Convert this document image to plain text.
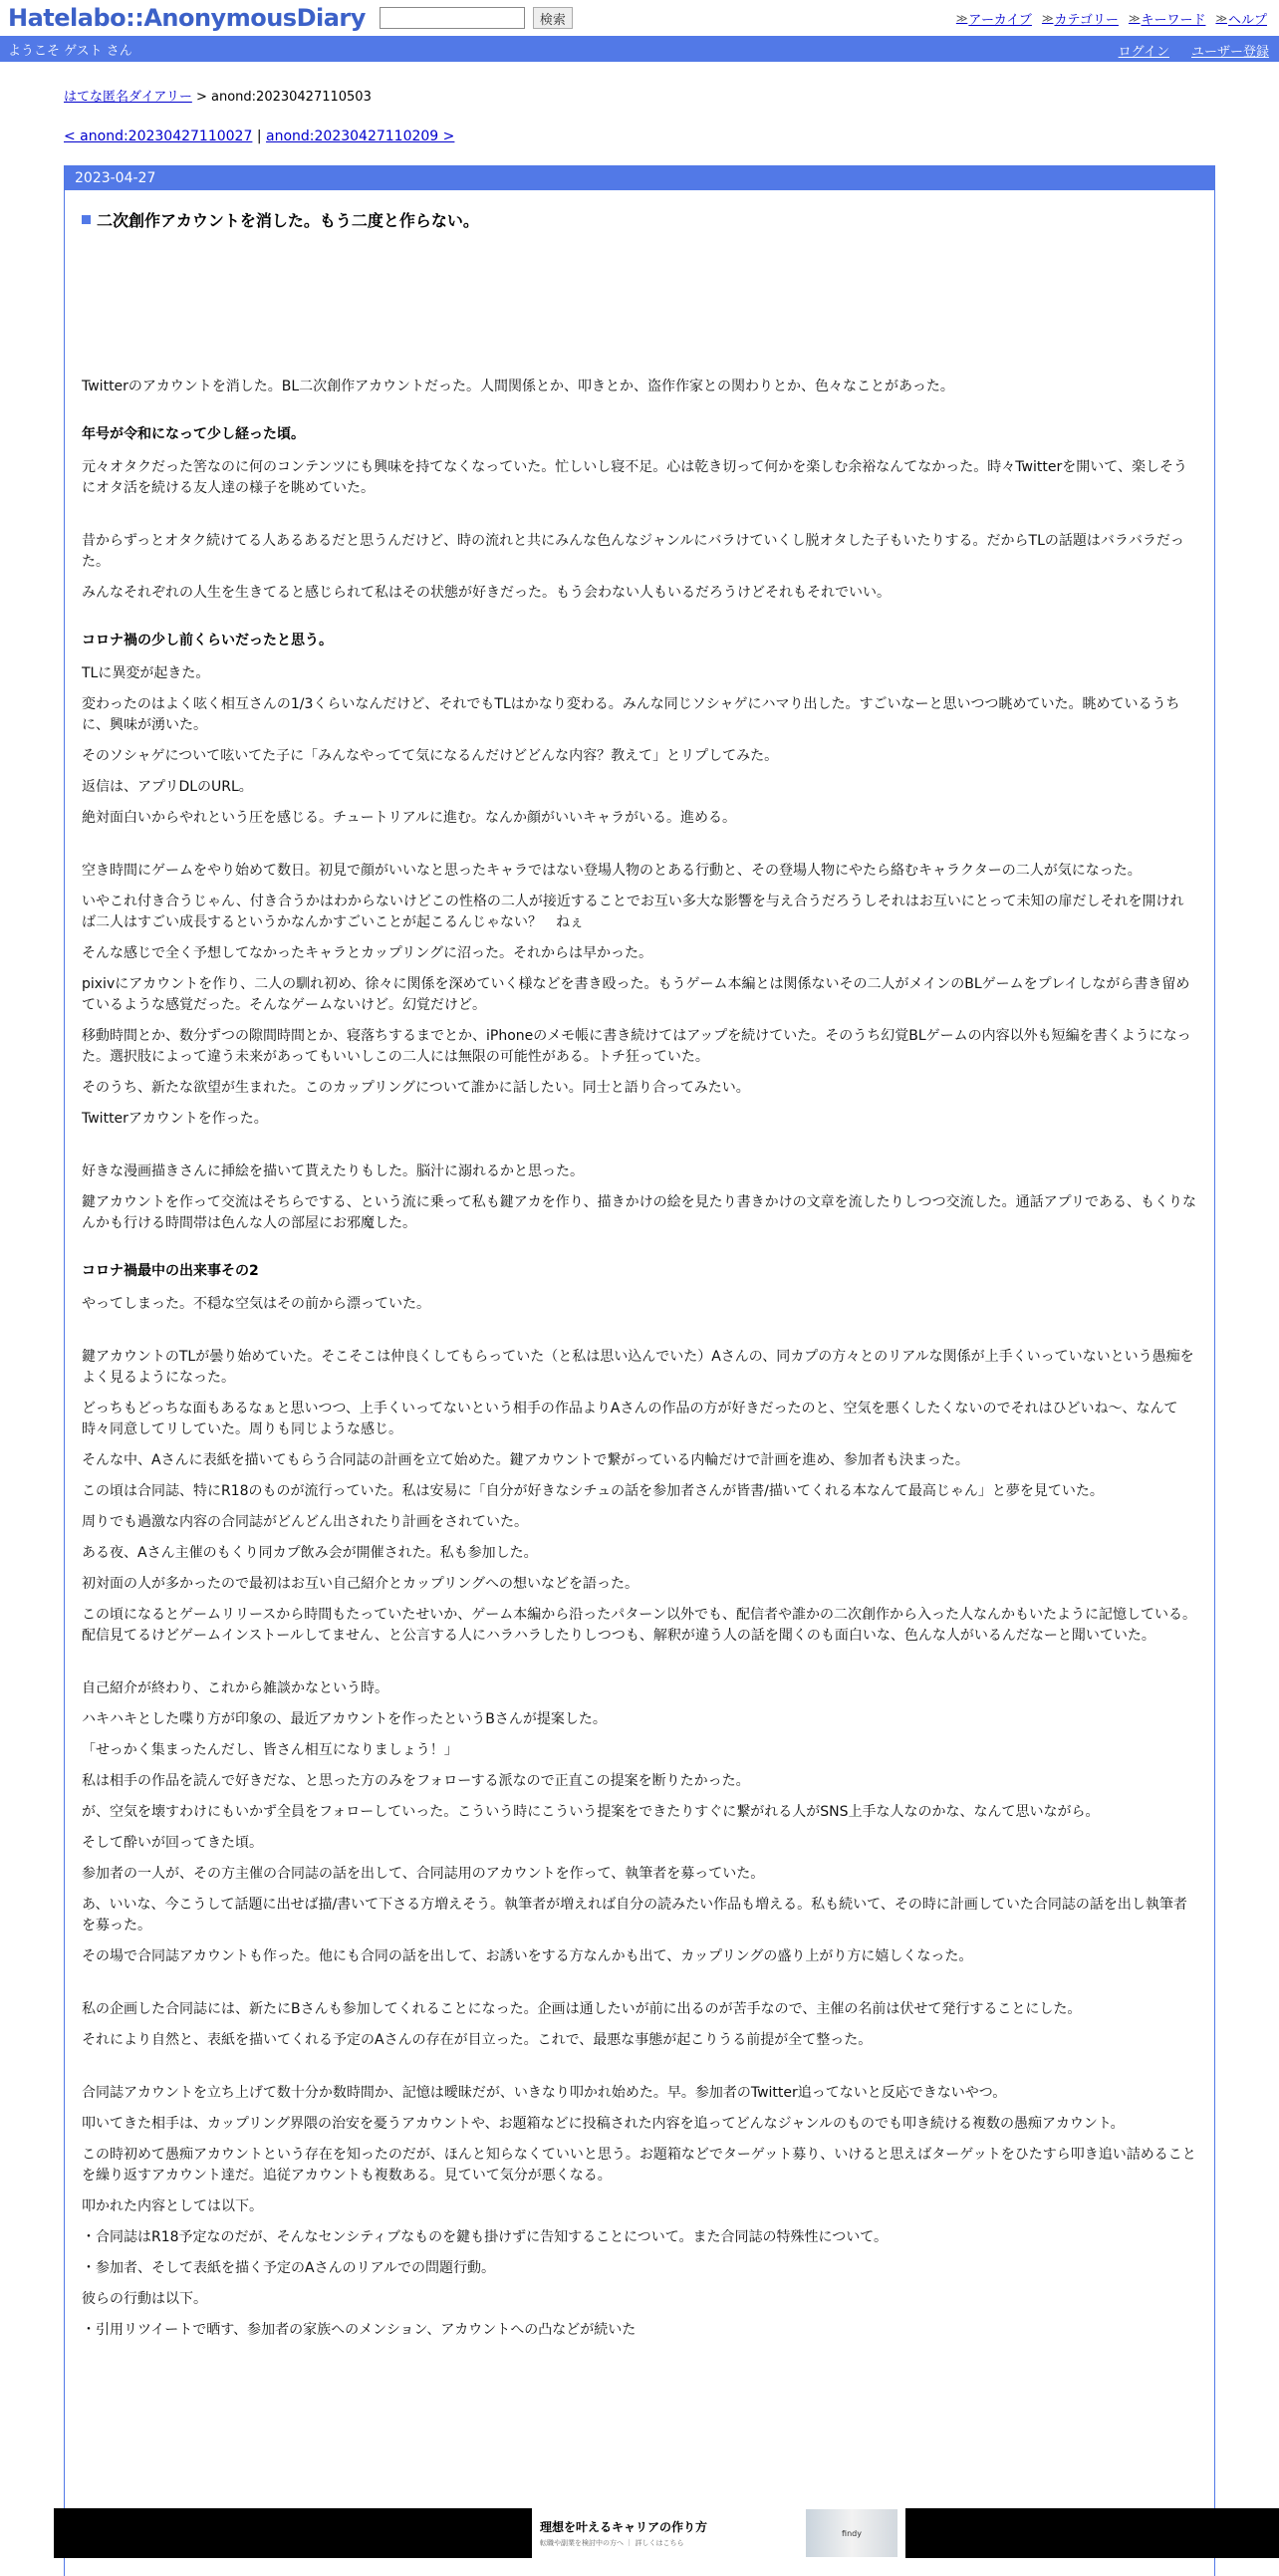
Hatelabo::AnonymousDiary	検索	≫ アーカイブ ≫ カテゴリー ≫ キーワード ≫ ヘルプ
ようこそ ゲスト さん	ログイン ユーザー登録
はてな匿名ダイアリー > anond:20230427110503
< anond:20230427110027 | anond:20230427110209 >
2023-04-27
二次創作アカウントを消した。もう二度と作らない。

Twitterのアカウントを消した。BL二次創作アカウントだった。人間関係とか、叩きとか、盗作作家との関わりとか、色々なことがあった。

年号が令和になって少し経った頃。

元々オタクだった筈なのに何のコンテンツにも興味を持てなくなっていた。忙しいし寝不足。心は乾き切って何かを楽しむ余裕なんてなかった。時々Twitterを開いて、楽しそうにオタ活を続ける友人達の様子を眺めていた。

昔からずっとオタク続けてる人あるあるだと思うんだけど、時の流れと共にみんな色んなジャンルにバラけていくし脱オタした子もいたりする。だからTLの話題はバラバラだった。

みんなそれぞれの人生を生きてると感じられて私はその状態が好きだった。もう会わない人もいるだろうけどそれもそれでいい。

コロナ禍の少し前くらいだったと思う。

TLに異変が起きた。

変わったのはよく呟く相互さんの1/3くらいなんだけど、それでもTLはかなり変わる。みんな同じソシャゲにハマり出した。すごいなーと思いつつ眺めていた。眺めているうちに、興味が湧いた。

そのソシャゲについて呟いてた子に「みんなやってて気になるんだけどどんな内容？教えて」とリプしてみた。

返信は、アプリDLのURL。

絶対面白いからやれという圧を感じる。チュートリアルに進む。なんか顔がいいキャラがいる。進める。

空き時間にゲームをやり始めて数日。初見で顔がいいなと思ったキャラではない登場人物のとある行動と、その登場人物にやたら絡むキャラクターの二人が気になった。

いやこれ付き合うじゃん、付き合うかはわからないけどこの性格の二人が接近することでお互い多大な影響を与え合うだろうしそれはお互いにとって未知の扉だしそれを開ければ二人はすごい成長するというかなんかすごいことが起こるんじゃない？　ねぇ

そんな感じで全く予想してなかったキャラとカップリングに沼った。それからは早かった。

pixivにアカウントを作り、二人の馴れ初め、徐々に関係を深めていく様などを書き殴った。もうゲーム本編とは関係ないその二人がメインのBLゲームをプレイしながら書き留めているような感覚だった。そんなゲームないけど。幻覚だけど。

移動時間とか、数分ずつの隙間時間とか、寝落ちするまでとか、iPhoneのメモ帳に書き続けてはアップを続けていた。そのうち幻覚BLゲームの内容以外も短編を書くようになった。選択肢によって違う未来があってもいいしこの二人には無限の可能性がある。トチ狂っていた。

そのうち、新たな欲望が生まれた。このカップリングについて誰かに話したい。同士と語り合ってみたい。

Twitterアカウントを作った。

好きな漫画描きさんに挿絵を描いて貰えたりもした。脳汁に溺れるかと思った。

鍵アカウントを作って交流はそちらでする、という流に乗って私も鍵アカを作り、描きかけの絵を見たり書きかけの文章を流したりしつつ交流した。通話アプリである、もくりなんかも行ける時間帯は色んな人の部屋にお邪魔した。

コロナ禍最中の出来事その2

やってしまった。不穏な空気はその前から漂っていた。

鍵アカウントのTLが曇り始めていた。そこそこは仲良くしてもらっていた（と私は思い込んでいた）Aさんの、同カプの方々とのリアルな関係が上手くいっていないという愚痴をよく見るようになった。

どっちもどっちな面もあるなぁと思いつつ、上手くいってないという相手の作品よりAさんの作品の方が好きだったのと、空気を悪くしたくないのでそれはひどいね〜、なんて時々同意してリしていた。周りも同じような感じ。

そんな中、Aさんに表紙を描いてもらう合同誌の計画を立て始めた。鍵アカウントで繋がっている内輪だけで計画を進め、参加者も決まった。

この頃は合同誌、特にR18のものが流行っていた。私は安易に「自分が好きなシチュの話を参加者さんが皆書/描いてくれる本なんて最高じゃん」と夢を見ていた。

周りでも過激な内容の合同誌がどんどん出されたり計画をされていた。

ある夜、Aさん主催のもくり同カプ飲み会が開催された。私も参加した。

初対面の人が多かったので最初はお互い自己紹介とカップリングへの想いなどを語った。

この頃になるとゲームリリースから時間もたっていたせいか、ゲーム本編から沿ったパターン以外でも、配信者や誰かの二次創作から入った人なんかもいたように記憶している。配信見てるけどゲームインストールしてません、と公言する人にハラハラしたりしつつも、解釈が違う人の話を聞くのも面白いな、色んな人がいるんだなーと聞いていた。

自己紹介が終わり、これから雑談かなという時。

ハキハキとした喋り方が印象の、最近アカウントを作ったというBさんが提案した。

「せっかく集まったんだし、皆さん相互になりましょう！」

私は相手の作品を読んで好きだな、と思った方のみをフォローする派なので正直この提案を断りたかった。

が、空気を壊すわけにもいかず全員をフォローしていった。こういう時にこういう提案をできたりすぐに繋がれる人がSNS上手な人なのかな、なんて思いながら。

そして酔いが回ってきた頃。

参加者の一人が、その方主催の合同誌の話を出して、合同誌用のアカウントを作って、執筆者を募っていた。

あ、いいな、今こうして話題に出せば描/書いて下さる方増えそう。執筆者が増えれば自分の読みたい作品も増える。私も続いて、その時に計画していた合同誌の話を出し執筆者を募った。

その場で合同誌アカウントも作った。他にも合同の話を出して、お誘いをする方なんかも出て、カップリングの盛り上がり方に嬉しくなった。

私の企画した合同誌には、新たにBさんも参加してくれることになった。企画は通したいが前に出るのが苦手なので、主催の名前は伏せて発行することにした。

それにより自然と、表紙を描いてくれる予定のAさんの存在が目立った。これで、最悪な事態が起こりうる前提が全て整った。

合同誌アカウントを立ち上げて数十分か数時間か、記憶は曖昧だが、いきなり叩かれ始めた。早。参加者のTwitter追ってないと反応できないやつ。

叩いてきた相手は、カップリング界隈の治安を憂うアカウントや、お題箱などに投稿された内容を追ってどんなジャンルのものでも叩き続ける複数の愚痴アカウント。

この時初めて愚痴アカウントという存在を知ったのだが、ほんと知らなくていいと思う。お題箱などでターゲット募り、いけると思えばターゲットをひたすら叩き追い詰めることを繰り返すアカウント達だ。追従アカウントも複数ある。見ていて気分が悪くなる。

叩かれた内容としては以下。

・合同誌はR18予定なのだが、そんなセンシティブなものを鍵も掛けずに告知することについて。また合同誌の特殊性について。

・参加者、そして表紙を描く予定のAさんのリアルでの問題行動。

彼らの行動は以下。

・引用リツイートで晒す、参加者の家族へのメンション、アカウントへの凸などが続いた

理想を叶えるキャリアの作り方
転職や副業を検討中の方へ ｜ 詳しくはこちら
findy
